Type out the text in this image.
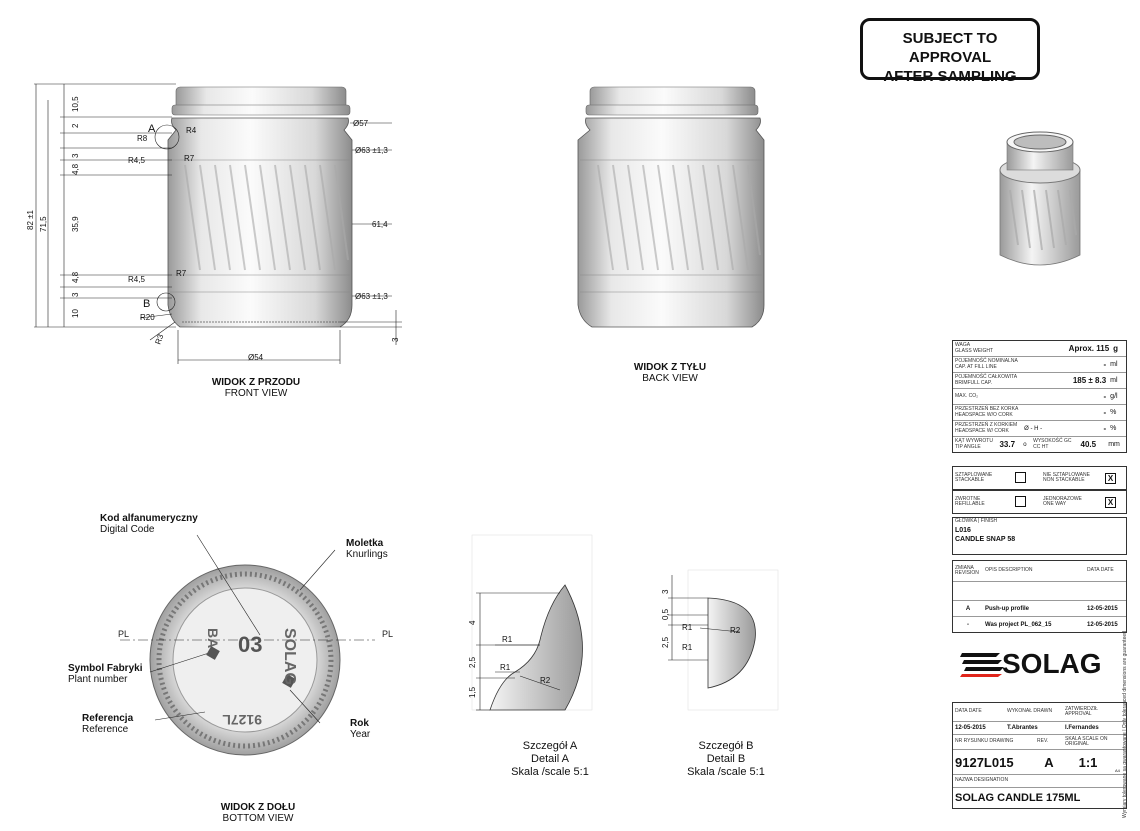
SUBJECT TO APPROVAL
AFTER SAMPLING
Ø57
Ø63 ±1,3
61,4
Ø63 ±1,3
Ø54
A
B
R4
R8
R4,5	R7
R4,5
R7
R20
R3
82 ±1 71,5
10,5
2
3
4,8
35,9
4,8
3
10
3
SOLAG
BA
9127L
03
PL	PL
4
2,5
1,5
R1
R1
R2
3
0,5
2,5
R1
R1
R2
WIDOK Z PRZODU
FRONT VIEW
WIDOK Z TYŁU
BACK VIEW
WIDOK Z DOŁU
BOTTOM VIEW
Kod alfanumeryczny
Digital Code
Moletka
Knurlings
Symbol Fabryki
Plant number
Referencja
Reference
Rok
Year
Szczegół A
Detail A
Skala /scale 5:1
Szczegół B
Detail B
Skala /scale 5:1
WAGA
GLASS WEIGHT	Aprox. 115 g
POJEMNOŚĆ NOMINALNA
CAP. AT FILL LINE	- ml
POJEMNOŚĆ CAŁKOWITA
BRIMFULL CAP.	185 ± 8.3 ml
MAX. CO₂	- g/l
PRZESTRZEŃ BEZ KORKA
HEADSPACE W/O CORK	- %
PRZESTRZEŃ Z KORKIEM
HEADSPACE W/ CORK	Ø - H -	- %
KĄT WYWROTU
TIP ANGLE	33.7	o
WYSOKOŚĆ GC
CC HT	40.5	mm
SZTAPLOWANE
STACKABLE
NIE SZTAPLOWANE
NON STACKABLE	X
ZWROTNE
REFILLABLE
JEDNORAZOWE
ONE WAY	X
GŁÓWKA | FINISH
L016
CANDLE SNAP 58
ZMIANA REVISION	OPIS DESCRIPTION	DATA DATE
A	Push-up profile	12-05-2015
-	Was project PL_062_15	12-05-2015
SOLAG
DATA DATE	WYKONAŁ DRAWN	ZATWIERDZIŁ APPROVAL
12-05-2015	T.Abrantes	I.Fernandes
NR RYSUNKU DRAWING	REV.	SKALA SCALE ON ORIGINAL
9127L015	A	1:1
A4
NAZWA DESIGNATION
SOLAG CANDLE 175ML	Wymiary tolerowane są gwarantowane | Only toleranced dimensions are guaranteed
